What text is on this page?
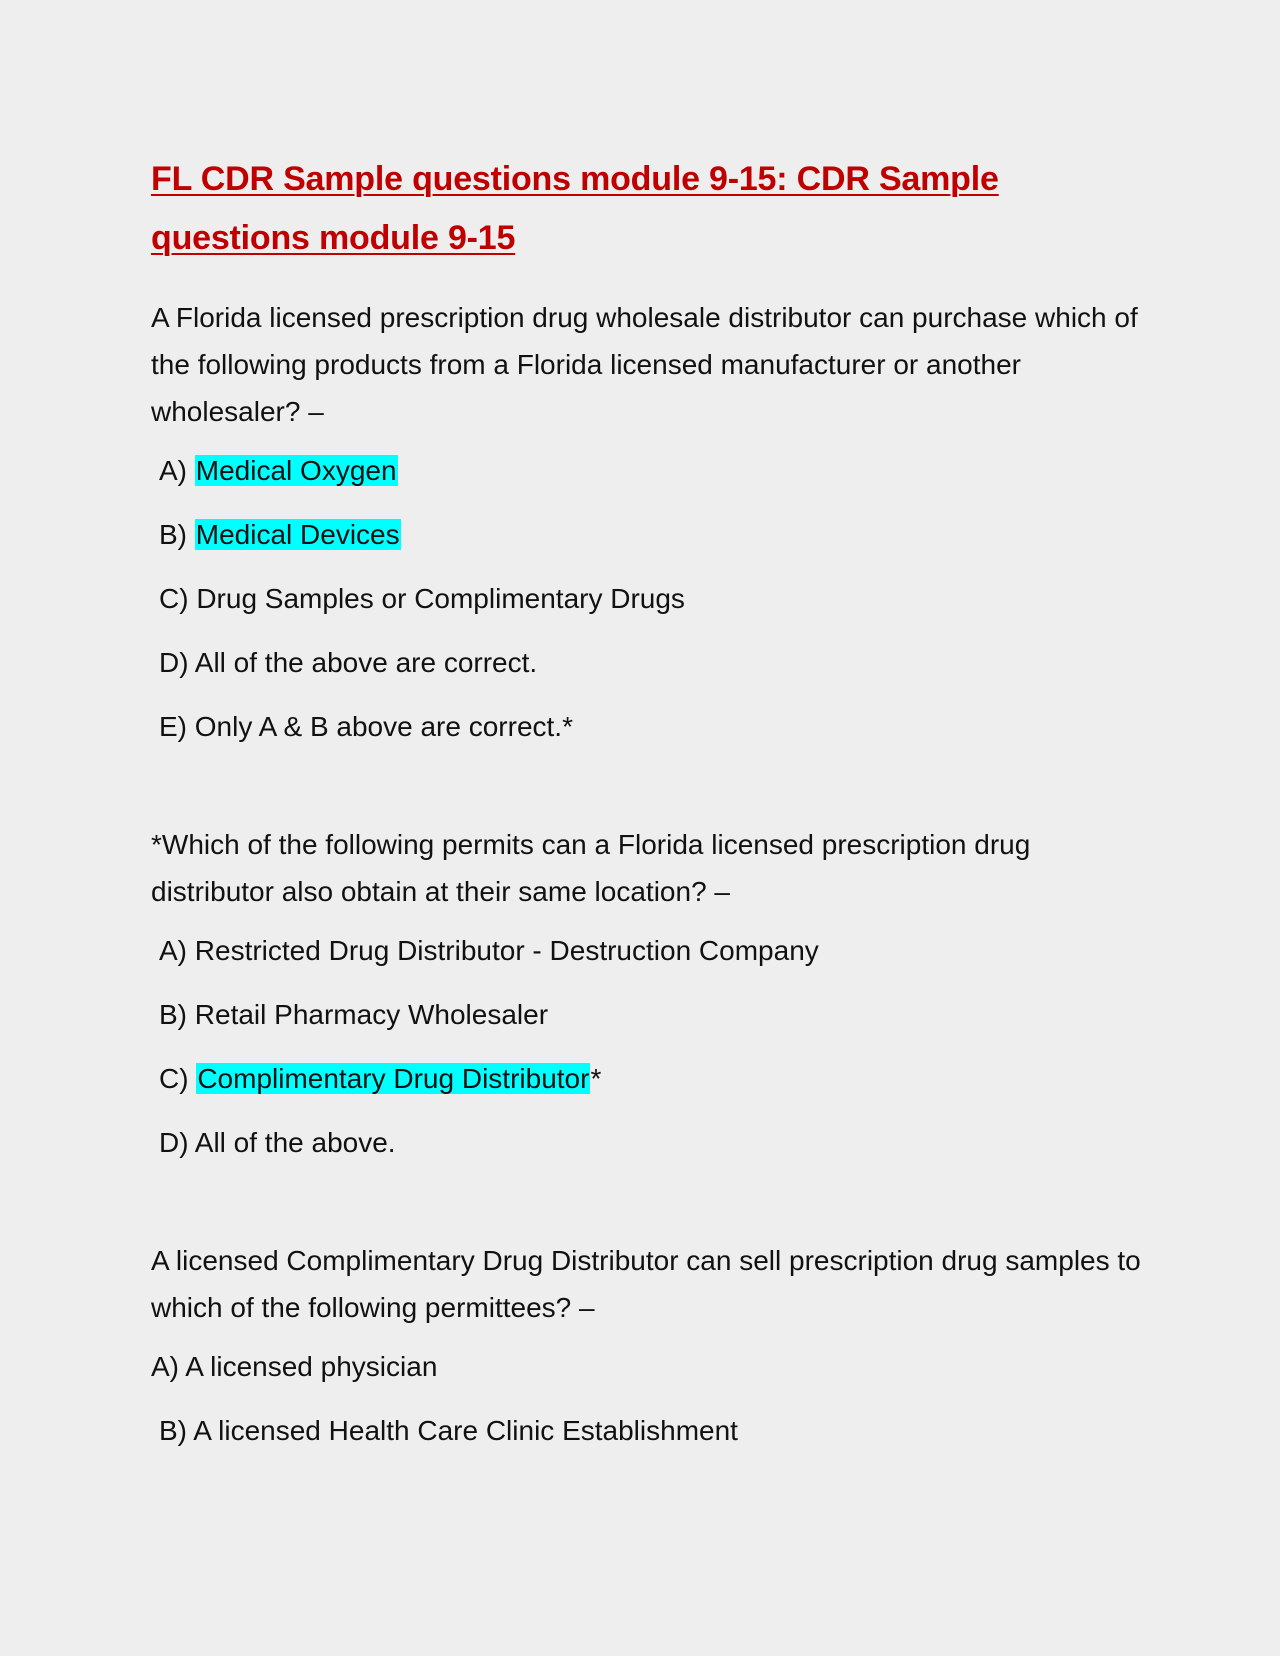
FL CDR Sample questions module 9-15: CDR Sample questions module 9-15

A Florida licensed prescription drug wholesale distributor can purchase which of the following products from a Florida licensed manufacturer or another wholesaler? –

A) Medical Oxygen
B) Medical Devices
C) Drug Samples or Complimentary Drugs
D) All of the above are correct.
E) Only A & B above are correct.*

*Which of the following permits can a Florida licensed prescription drug distributor also obtain at their same location? –

A) Restricted Drug Distributor - Destruction Company
B) Retail Pharmacy Wholesaler
C) Complimentary Drug Distributor*
D) All of the above.

A licensed Complimentary Drug Distributor can sell prescription drug samples to which of the following permittees? –

A) A licensed physician
B) A licensed Health Care Clinic Establishment
